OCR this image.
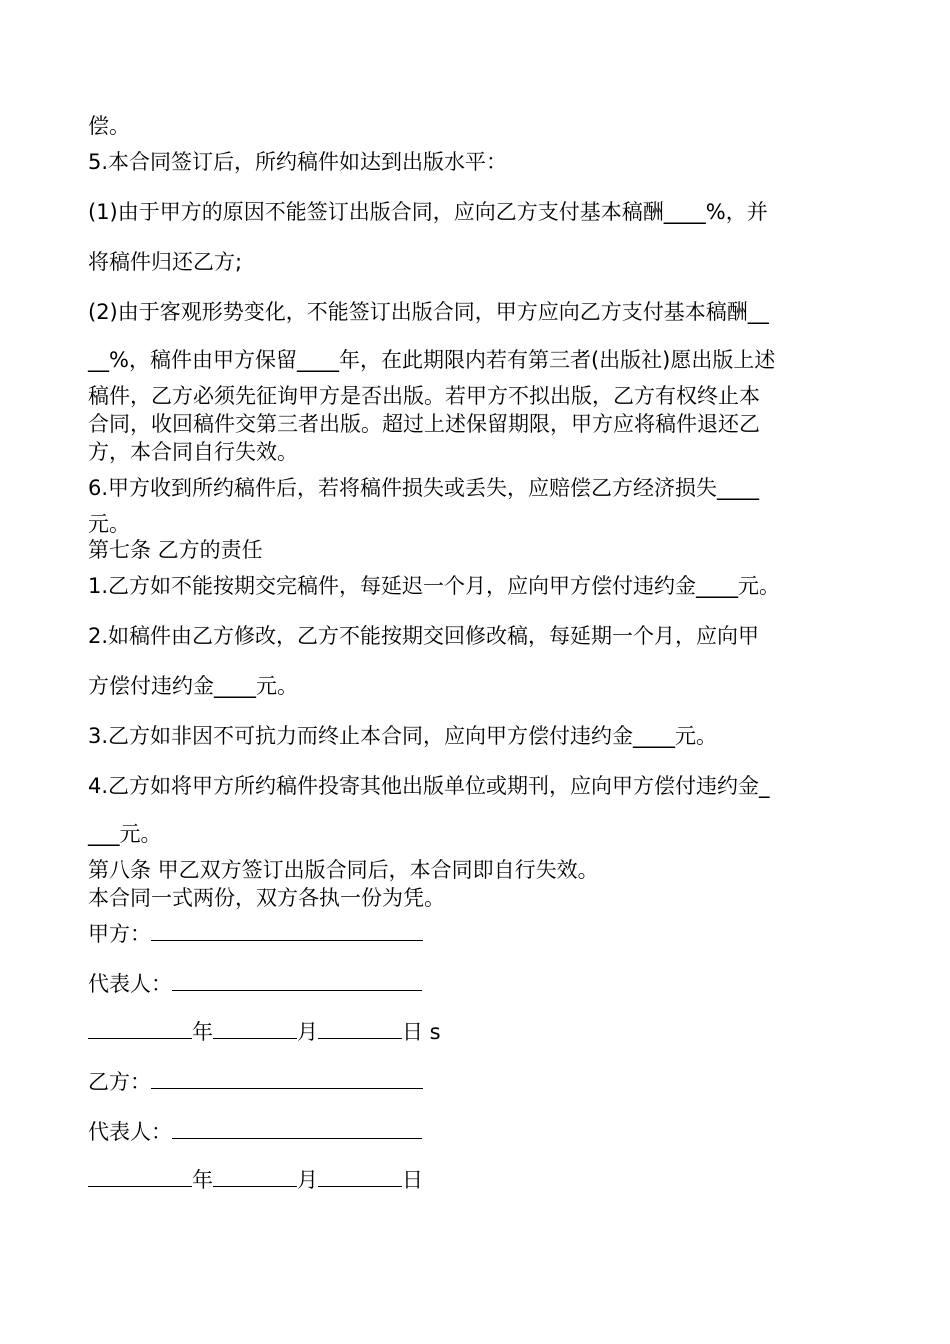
偿。
5.本合同签订后，所约稿件如达到出版水平：
(1)由于甲方的原因不能签订出版合同，应向乙方支付基本稿酬____%，并
将稿件归还乙方;
(2)由于客观形势变化，不能签订出版合同，甲方应向乙方支付基本稿酬__
__%，稿件由甲方保留____年，在此期限内若有第三者(出版社)愿出版上述
稿件，乙方必须先征询甲方是否出版。若甲方不拟出版，乙方有权终止本
合同，收回稿件交第三者出版。超过上述保留期限，甲方应将稿件退还乙
方，本合同自行失效。
6.甲方收到所约稿件后，若将稿件损失或丢失，应赔偿乙方经济损失____
元。
第七条 乙方的责任
1.乙方如不能按期交完稿件，每延迟一个月，应向甲方偿付违约金____元。
2.如稿件由乙方修改，乙方不能按期交回修改稿，每延期一个月，应向甲
方偿付违约金____元。
3.乙方如非因不可抗力而终止本合同，应向甲方偿付违约金____元。
4.乙方如将甲方所约稿件投寄其他出版单位或期刊，应向甲方偿付违约金_
___元。
第八条 甲乙双方签订出版合同后，本合同即自行失效。
本合同一式两份，双方各执一份为凭。
甲方：
代表人：
年	月	日 s
乙方：
代表人：
年	月	日
